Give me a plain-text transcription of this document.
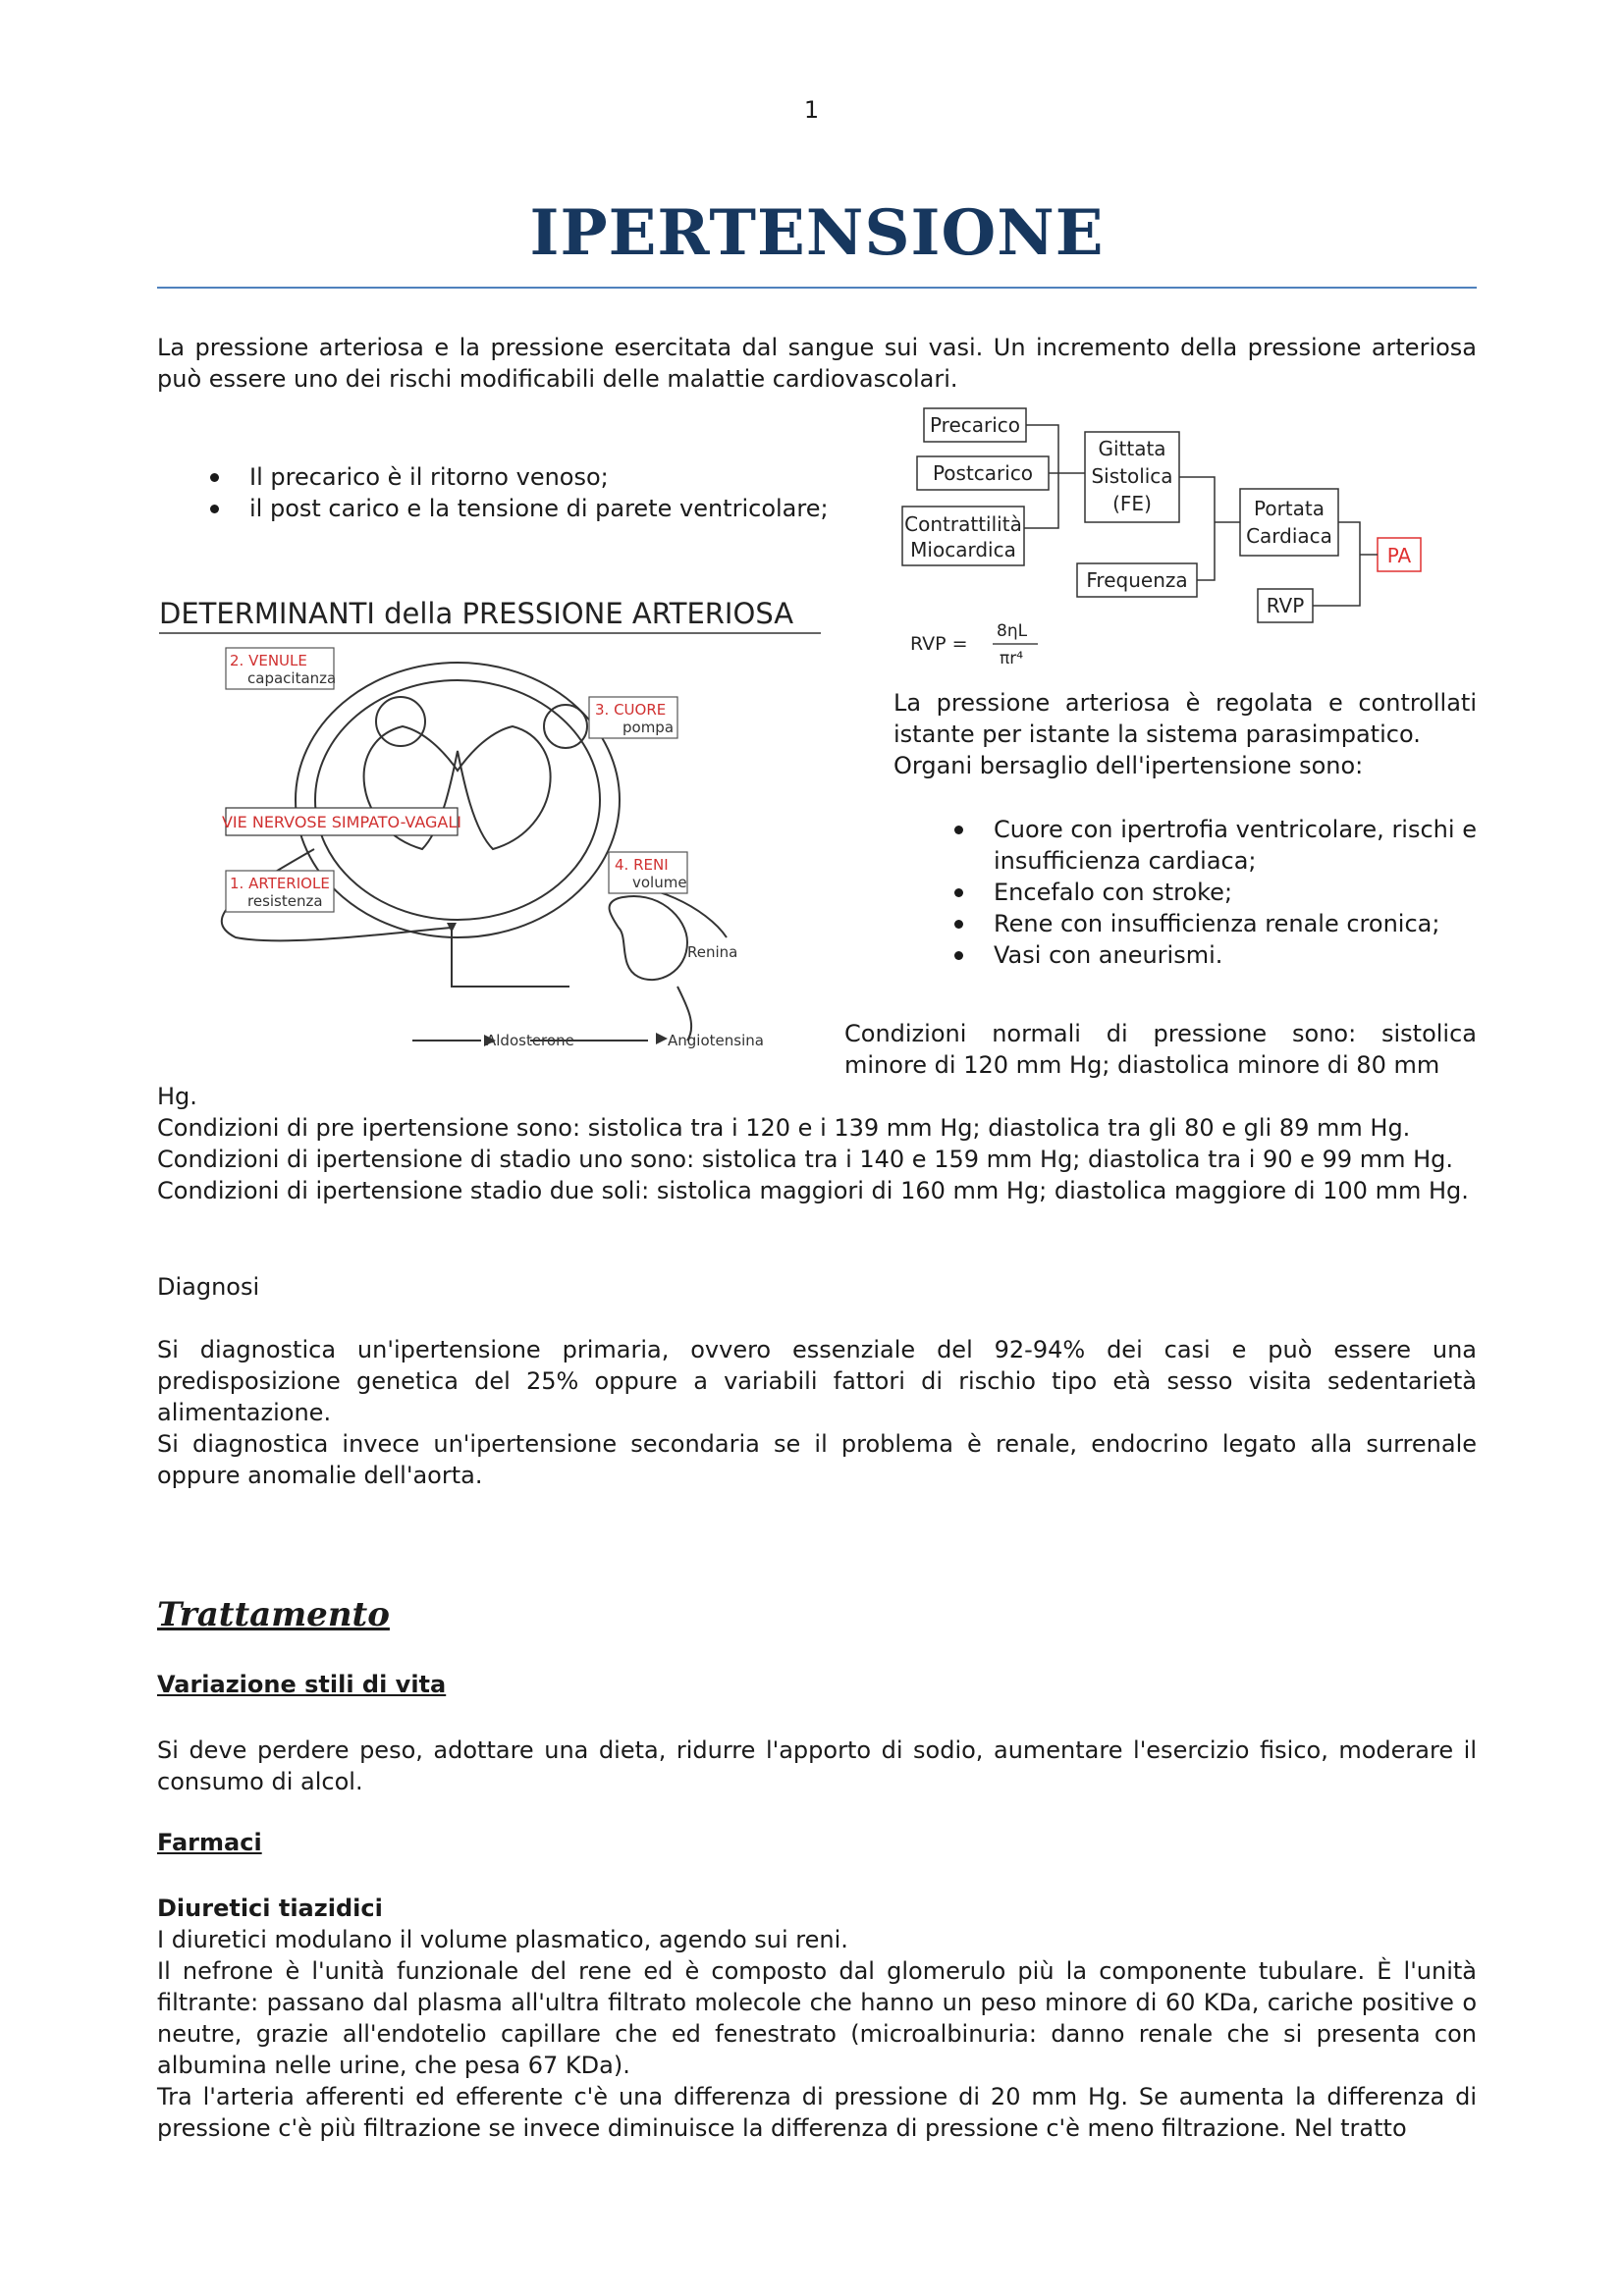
1
IPERTENSIONE

La pressione arteriosa e la pressione esercitata dal sangue sui vasi. Un incremento della pressione arteriosa può essere uno dei rischi modificabili delle malattie cardiovascolari.

Il precarico è il ritorno venoso;
il post carico e la tensione di parete ventricolare;
Precarico
Postcarico
Contrattilità
Miocardica
Gittata
Sistolica
(FE)
Frequenza
Portata
Cardiaca
PA
RVP
RVP =
8ηL
πr⁴
DETERMINANTI della PRESSIONE ARTERIOSA
VIE NERVOSE SIMPATO-VAGALI
2. VENULE
capacitanza
3. CUORE
pompa
1. ARTERIOLE
resistenza
4. RENI
volume
Renina
Aldosterone	Angiotensina

La pressione arteriosa è regolata e controllati istante per istante la sistema parasimpatico.

Organi bersaglio dell'ipertensione sono:

Cuore con ipertrofia ventricolare, rischi e insufficienza cardiaca;
Encefalo con stroke;
Rene con insufficienza renale cronica;
Vasi con aneurismi.

Condizioni normali di pressione sono: sistolica minore di 120 mm Hg; diastolica minore di 80 mm

Hg.

Condizioni di pre ipertensione sono: sistolica tra i 120 e i 139 mm Hg; diastolica tra gli 80 e gli 89 mm Hg.

Condizioni di ipertensione di stadio uno sono: sistolica tra i 140 e 159 mm Hg; diastolica tra i 90 e 99 mm Hg.

Condizioni di ipertensione stadio due soli: sistolica maggiori di 160 mm Hg; diastolica maggiore di 100 mm Hg.

Diagnosi

Si diagnostica un'ipertensione primaria, ovvero essenziale del 92-94% dei casi e può essere una predisposizione genetica del 25% oppure a variabili fattori di rischio tipo età sesso visita sedentarietà alimentazione.

Si diagnostica invece un'ipertensione secondaria se il problema è renale, endocrino legato alla surrenale oppure anomalie dell'aorta.

Trattamento
Variazione stili di vita

Si deve perdere peso, adottare una dieta, ridurre l'apporto di sodio, aumentare l'esercizio fisico, moderare il consumo di alcol.

Farmaci

Diuretici tiazidici

I diuretici modulano il volume plasmatico, agendo sui reni.

Il nefrone è l'unità funzionale del rene ed è composto dal glomerulo più la componente tubulare. È l'unità filtrante: passano dal plasma all'ultra filtrato molecole che hanno un peso minore di 60 KDa, cariche positive o neutre, grazie all'endotelio capillare che ed fenestrato (microalbinuria: danno renale che si presenta con albumina nelle urine, che pesa 67 KDa).

Tra l'arteria afferenti ed efferente c'è una differenza di pressione di 20 mm Hg. Se aumenta la differenza di pressione c'è più filtrazione se invece diminuisce la differenza di pressione c'è meno filtrazione. Nel tratto
